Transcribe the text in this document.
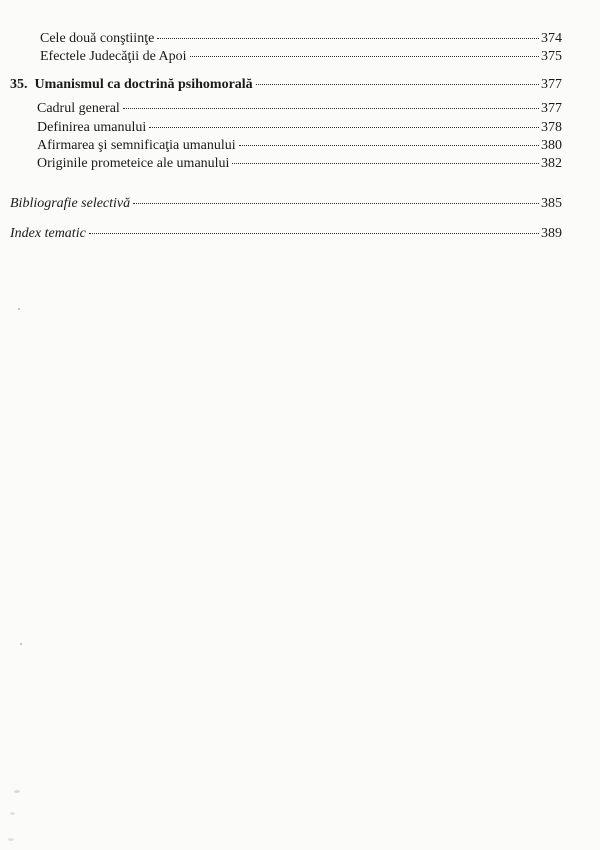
Cele două conştiinţe	374
Efectele Judecăţii de Apoi	375
35. Umanismul ca doctrină psihomorală	377
Cadrul general	377
Definirea umanului	378
Afirmarea şi semnificaţia umanului	380
Originile prometeice ale umanului	382
Bibliografie selectivă	385
Index tematic	389
